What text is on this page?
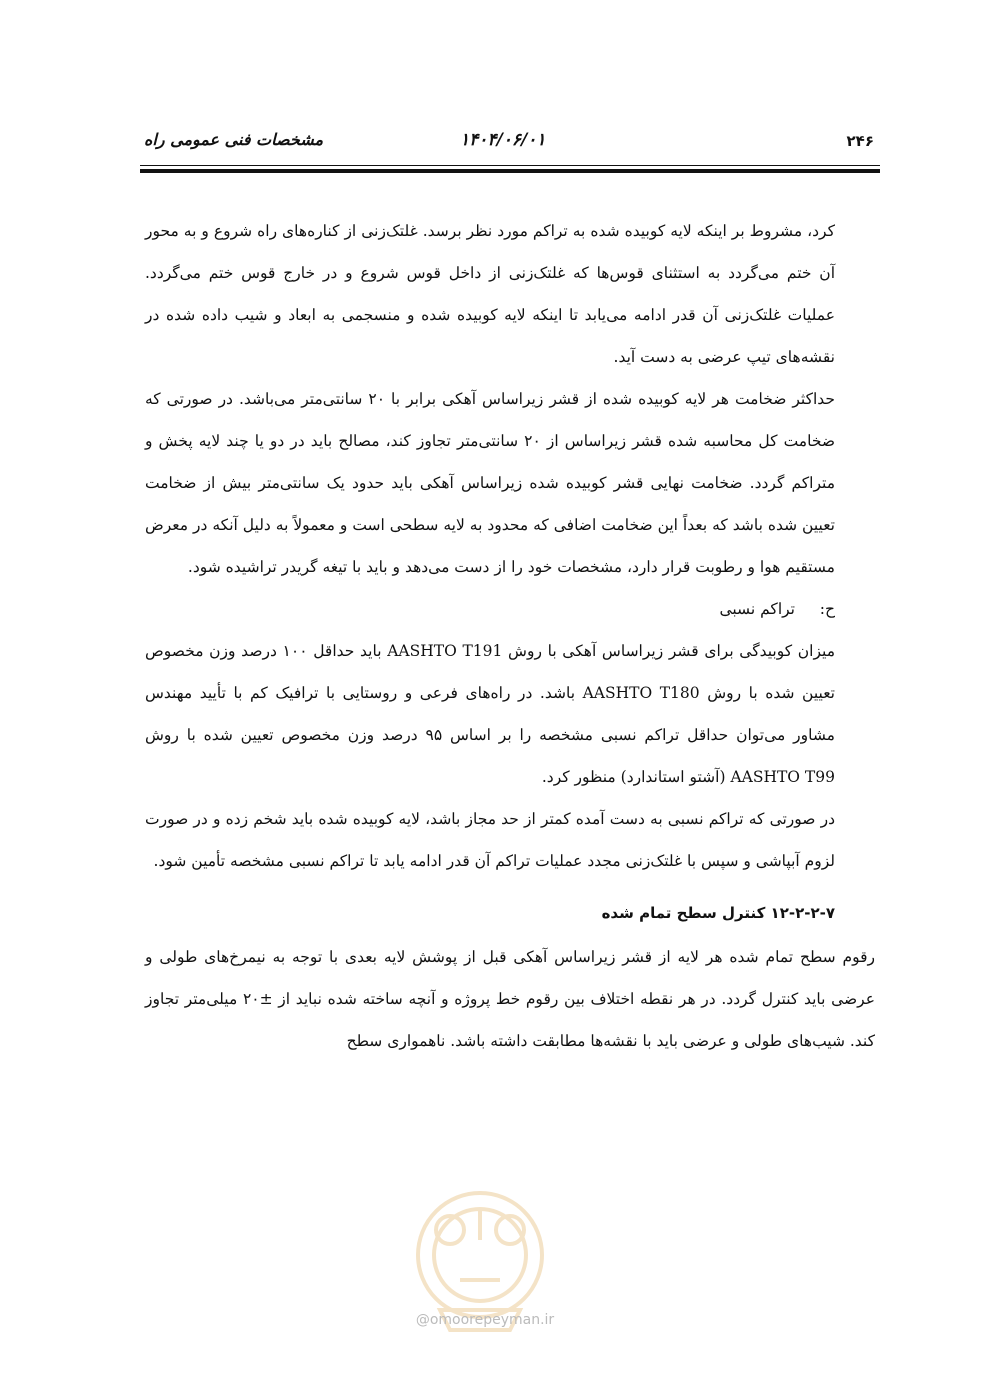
۲۴۶
۱۴۰۴/۰۶/۰۱
مشخصات فنی عمومی راه

کرد، مشروط بر اینکه لایه کوبیده شده به تراکم مورد نظر برسد. غلتک‌زنی از کناره‌های راه شروع و به محور آن ختم می‌گردد به استثنای قوس‌ها که غلتک‌زنی از داخل قوس شروع و در خارج قوس ختم می‌گردد. عملیات غلتک‌زنی آن قدر ادامه می‌یابد تا اینکه لایه کوبیده شده و منسجمی به ابعاد و شیب داده شده در نقشه‌های تیپ عرضی به دست آید.

حداکثر ضخامت هر لایه کوبیده شده از قشر زیراساس آهکی برابر با ۲۰ سانتی‌متر می‌باشد. در صورتی که ضخامت کل محاسبه شده قشر زیراساس از ۲۰ سانتی‌متر تجاوز کند، مصالح باید در دو یا چند لایه پخش و متراکم گردد. ضخامت نهایی قشر کوبیده شده زیراساس آهکی باید حدود یک سانتی‌متر بیش از ضخامت تعیین شده باشد که بعداً این ضخامت اضافی که محدود به لایه سطحی است و معمولاً به دلیل آنکه در معرض مستقیم هوا و رطوبت قرار دارد، مشخصات خود را از دست می‌دهد و باید با تیغه گریدر تراشیده شود.

ح:
تراکم نسبی

میزان کوبیدگی برای قشر زیراساس آهکی با روش AASHTO T191 باید حداقل ۱۰۰ درصد وزن مخصوص تعیین شده با روش AASHTO T180 باشد. در راه‌های فرعی و روستایی با ترافیک کم با تأیید مهندس مشاور می‌توان حداقل تراکم نسبی مشخصه را بر اساس ۹۵ درصد وزن مخصوص تعیین شده با روش AASHTO T99 (آشتو استاندارد) منظور کرد.

در صورتی که تراکم نسبی به دست آمده کمتر از حد مجاز باشد، لایه کوبیده شده باید شخم زده و در صورت لزوم آبپاشی و سپس با غلتک‌زنی مجدد عملیات تراکم آن قدر ادامه یابد تا تراکم نسبی مشخصه تأمین شود.

۱۲-۲-۲-۷ کنترل سطح تمام شده

رقوم سطح تمام شده هر لایه از قشر زیراساس آهکی قبل از پوشش لایه بعدی با توجه به نیمرخ‌های طولی و عرضی باید کنترل گردد. در هر نقطه اختلاف بین رقوم خط پروژه و آنچه ساخته شده نباید از ±۲۰ میلی‌متر تجاوز کند. شیب‌های طولی و عرضی باید با نقشه‌ها مطابقت داشته باشد. ناهمواری سطح

@omoorepeyman.ir
